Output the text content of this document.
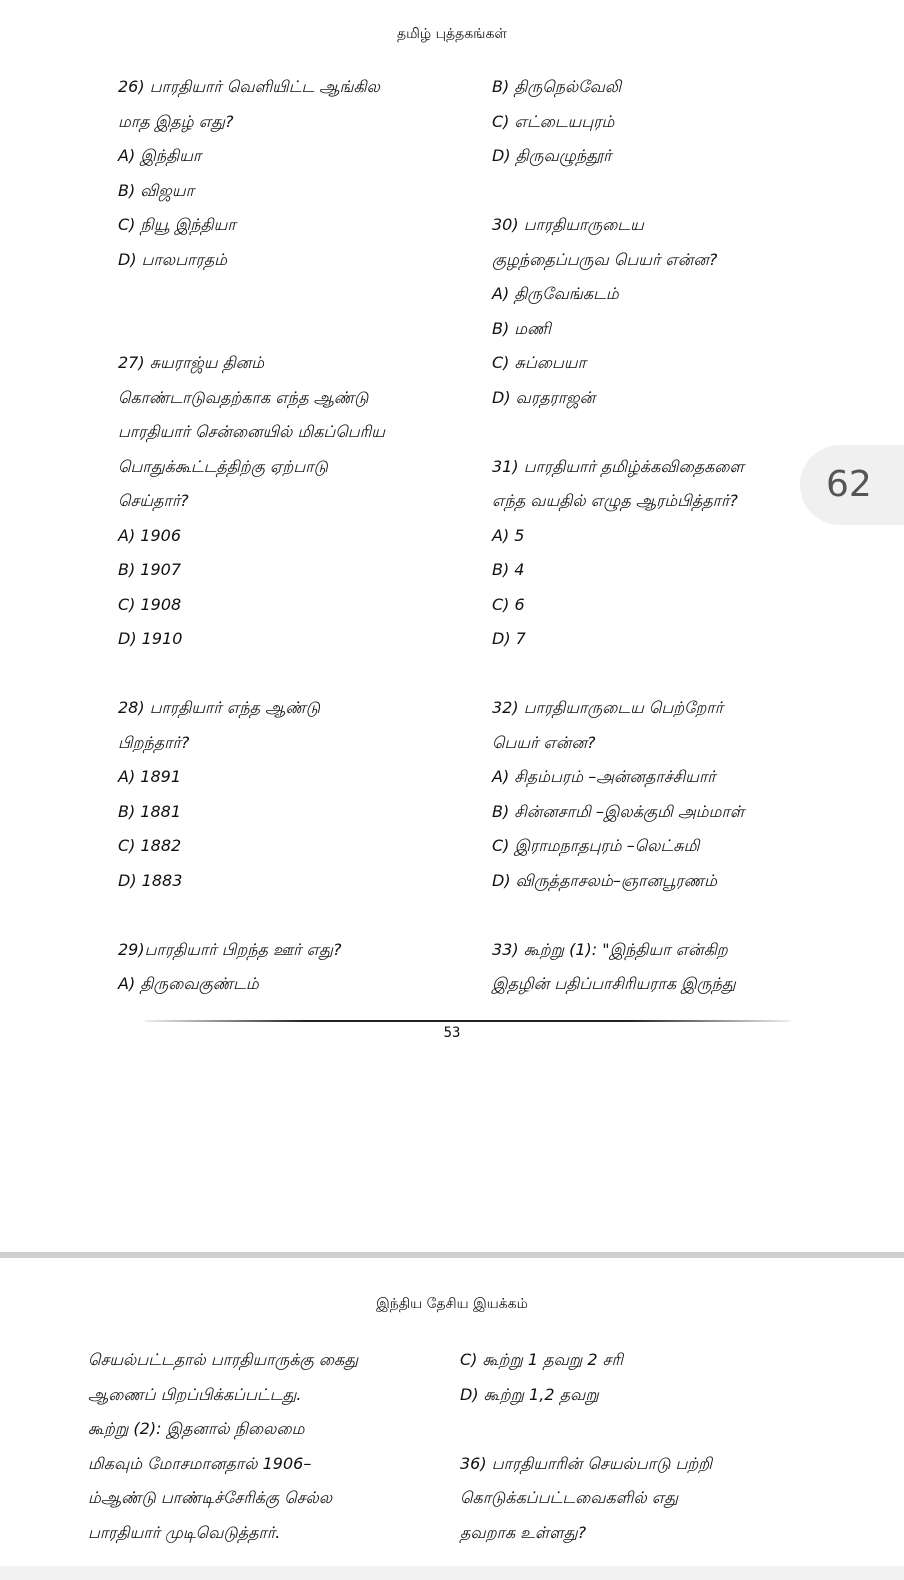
தமிழ் புத்தகங்கள்
26) பாரதியார் வெளியிட்ட ஆங்கில
மாத இதழ் எது?
A) இந்தியா
B) விஜயா
C) நியூ இந்தியா
D) பாலபாரதம்
27) சுயராஜ்ய தினம்
கொண்டாடுவதற்காக எந்த ஆண்டு
பாரதியார் சென்னையில் மிகப்பெரிய
பொதுக்கூட்டத்திற்கு ஏற்பாடு
செய்தார்?
A) 1906
B) 1907
C) 1908
D) 1910
28) பாரதியார் எந்த ஆண்டு
பிறந்தார்?
A) 1891
B) 1881
C) 1882
D) 1883
29)பாரதியார் பிறந்த ஊர் எது?
A) திருவைகுண்டம்
B) திருநெல்வேலி
C) எட்டையபுரம்
D) திருவழுந்தூர்
30) பாரதியாருடைய
குழந்தைப்பருவ பெயர் என்ன?
A) திருவேங்கடம்
B) மணி
C) சுப்பையா
D) வரதராஜன்
31) பாரதியார் தமிழ்க்கவிதைகளை
எந்த வயதில் எழுத ஆரம்பித்தார்?
A) 5
B) 4
C) 6
D) 7
32) பாரதியாருடைய பெற்றோர்
பெயர் என்ன?
A) சிதம்பரம் –அன்னதாச்சியார்
B) சின்னசாமி –இலக்குமி அம்மாள்
C) இராமநாதபுரம் –லெட்சுமி
D) விருத்தாசலம்–ஞானபூரணம்
33) கூற்று (1): "இந்தியா என்கிற
இதழின் பதிப்பாசிரியராக இருந்து
53
இந்திய தேசிய இயக்கம்
செயல்பட்டதால் பாரதியாருக்கு கைது
ஆணைப் பிறப்பிக்கப்பட்டது.
கூற்று (2): இதனால் நிலைமை
மிகவும் மோசமானதால் 1906–
ம்ஆண்டு பாண்டிச்சேரிக்கு செல்ல
பாரதியார் முடிவெடுத்தார்.
C) கூற்று 1 தவறு 2 சரி
D) கூற்று 1,2 தவறு
36) பாரதியாரின் செயல்பாடு பற்றி
கொடுக்கப்பட்டவைகளில் எது
தவறாக உள்ளது?
62
